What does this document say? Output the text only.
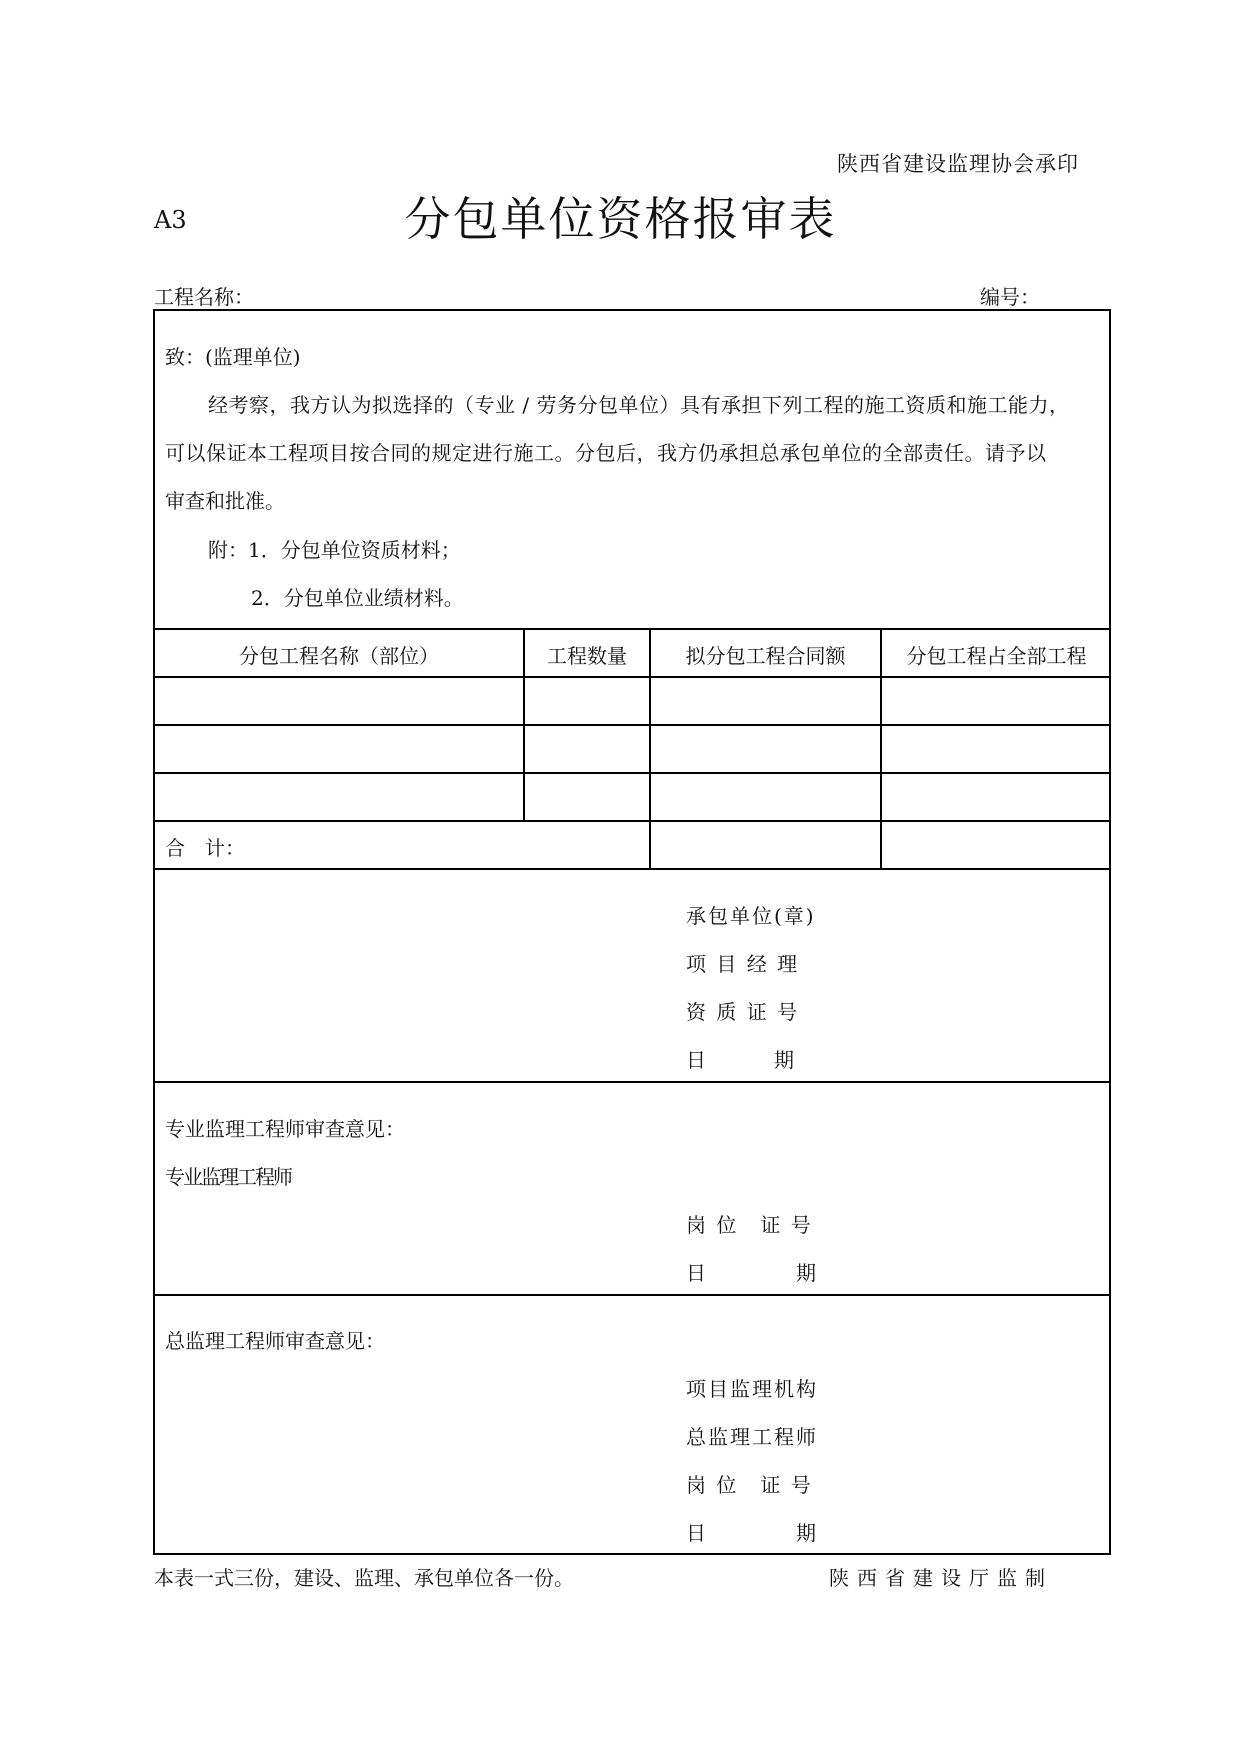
陕西省建设监理协会承印
A3	分包单位资格报审表
工程名称：	编号：
致：(监理单位)
经考察，我方认为拟选择的（专业 / 劳务分包单位）具有承担下列工程的施工资质和施工能力，
可以保证本工程项目按合同的规定进行施工。分包后，我方仍承担总承包单位的全部责任。请予以
审查和批准。
附：1．分包单位资质材料；
2．分包单位业绩材料。
分包工程名称（部位）	工程数量	拟分包工程合同额	分包工程占全部工程
合　计：
承包单位(章)
项 目 经 理
资 质 证 号
日　　　期
专业监理工程师审查意见：
专业监理工程师
岗 位　证 号
日　　　　期
总监理工程师审查意见：
项目监理机构
总监理工程师
岗 位　证 号
日　　　　期
本表一式三份，建设、监理、承包单位各一份。	陕西省建设厅监制
